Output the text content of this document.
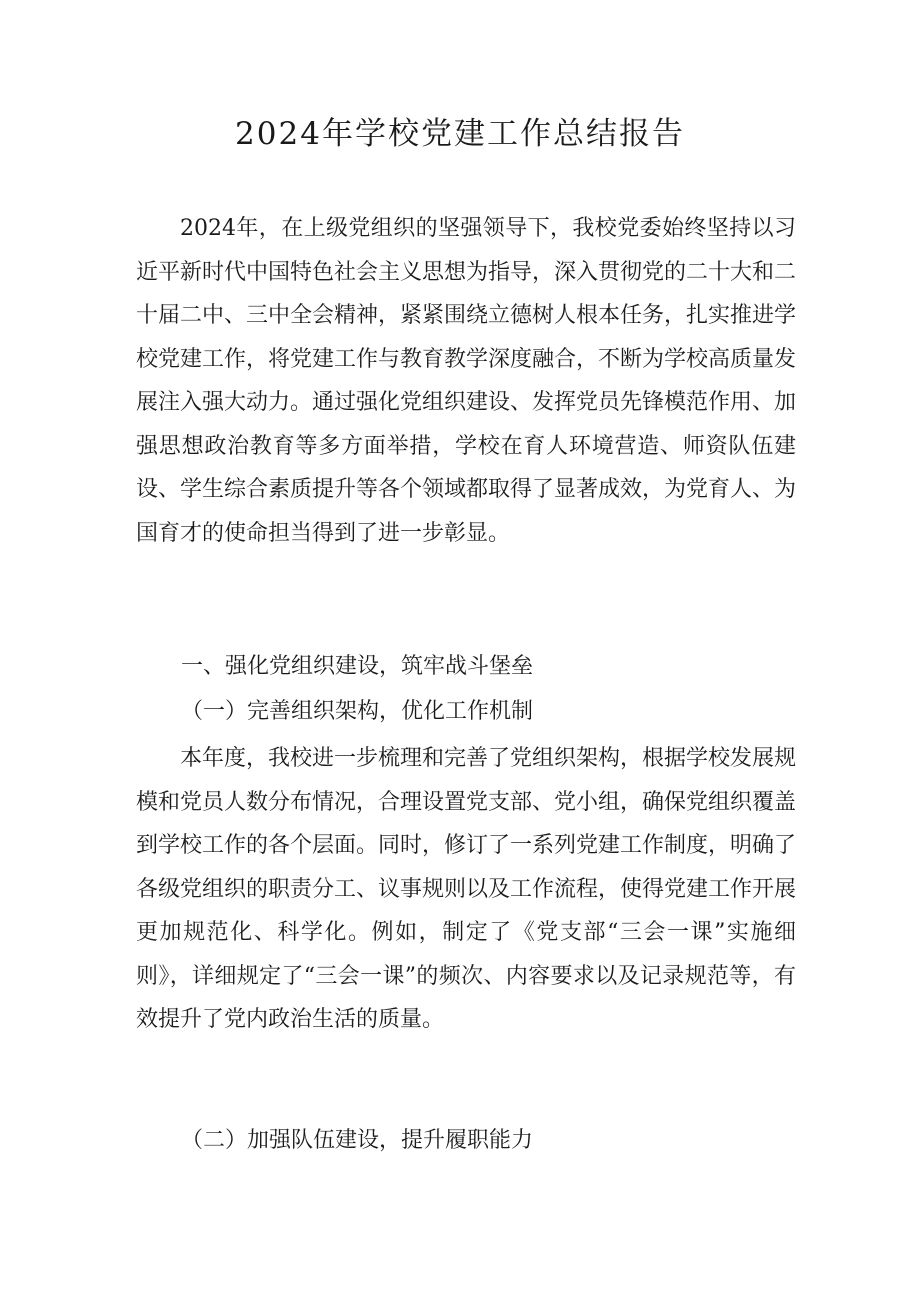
2024年学校党建工作总结报告

2024年，在上级党组织的坚强领导下，我校党委始终坚持以习近平新时代中国特色社会主义思想为指导，深入贯彻党的二十大和二十届二中、三中全会精神，紧紧围绕立德树人根本任务，扎实推进学校党建工作，将党建工作与教育教学深度融合，不断为学校高质量发展注入强大动力。通过强化党组织建设、发挥党员先锋模范作用、加强思想政治教育等多方面举措，学校在育人环境营造、师资队伍建设、学生综合素质提升等各个领域都取得了显著成效，为党育人、为国育才的使命担当得到了进一步彰显。

一、强化党组织建设，筑牢战斗堡垒

（一）完善组织架构，优化工作机制

本年度，我校进一步梳理和完善了党组织架构，根据学校发展规模和党员人数分布情况，合理设置党支部、党小组，确保党组织覆盖到学校工作的各个层面。同时，修订了一系列党建工作制度，明确了各级党组织的职责分工、议事规则以及工作流程，使得党建工作开展更加规范化、科学化。例如，制定了《党支部“三会一课”实施细则》，详细规定了“三会一课”的频次、内容要求以及记录规范等，有效提升了党内政治生活的质量。

（二）加强队伍建设，提升履职能力
